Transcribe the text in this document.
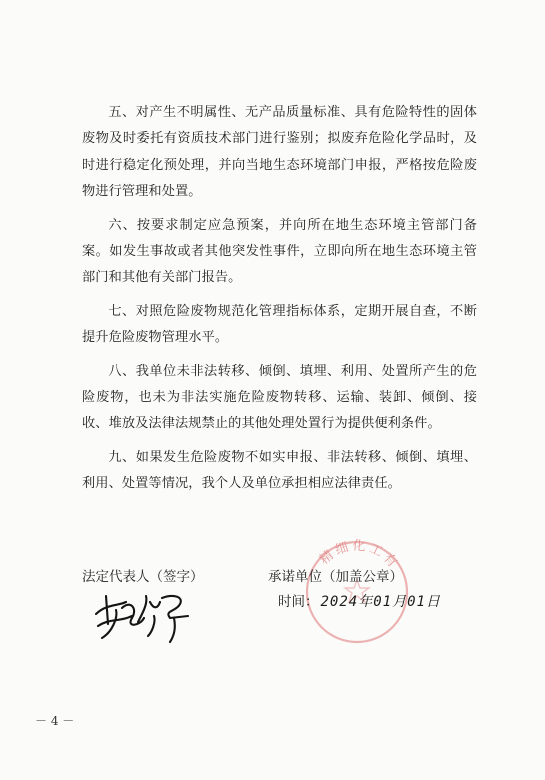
五、对产生不明属性、无产品质量标准、具有危险特性的固体废物及时委托有资质技术部门进行鉴别；拟废弃危险化学品时，及时进行稳定化预处理，并向当地生态环境部门申报，严格按危险废物进行管理和处置。

六、按要求制定应急预案，并向所在地生态环境主管部门备案。如发生事故或者其他突发性事件，立即向所在地生态环境主管部门和其他有关部门报告。

七、对照危险废物规范化管理指标体系，定期开展自查，不断提升危险废物管理水平。

八、我单位未非法转移、倾倒、填埋、利用、处置所产生的危险废物，也未为非法实施危险废物转移、运输、装卸、倾倒、接收、堆放及法律法规禁止的其他处理处置行为提供便利条件。

九、如果发生危险废物不如实申报、非法转移、倾倒、填埋、利用、处置等情况，我个人及单位承担相应法律责任。

精细化工有
法定代表人（签字）	承诺单位（加盖公章）
时间： 2024年01月01日
－ 4 －
